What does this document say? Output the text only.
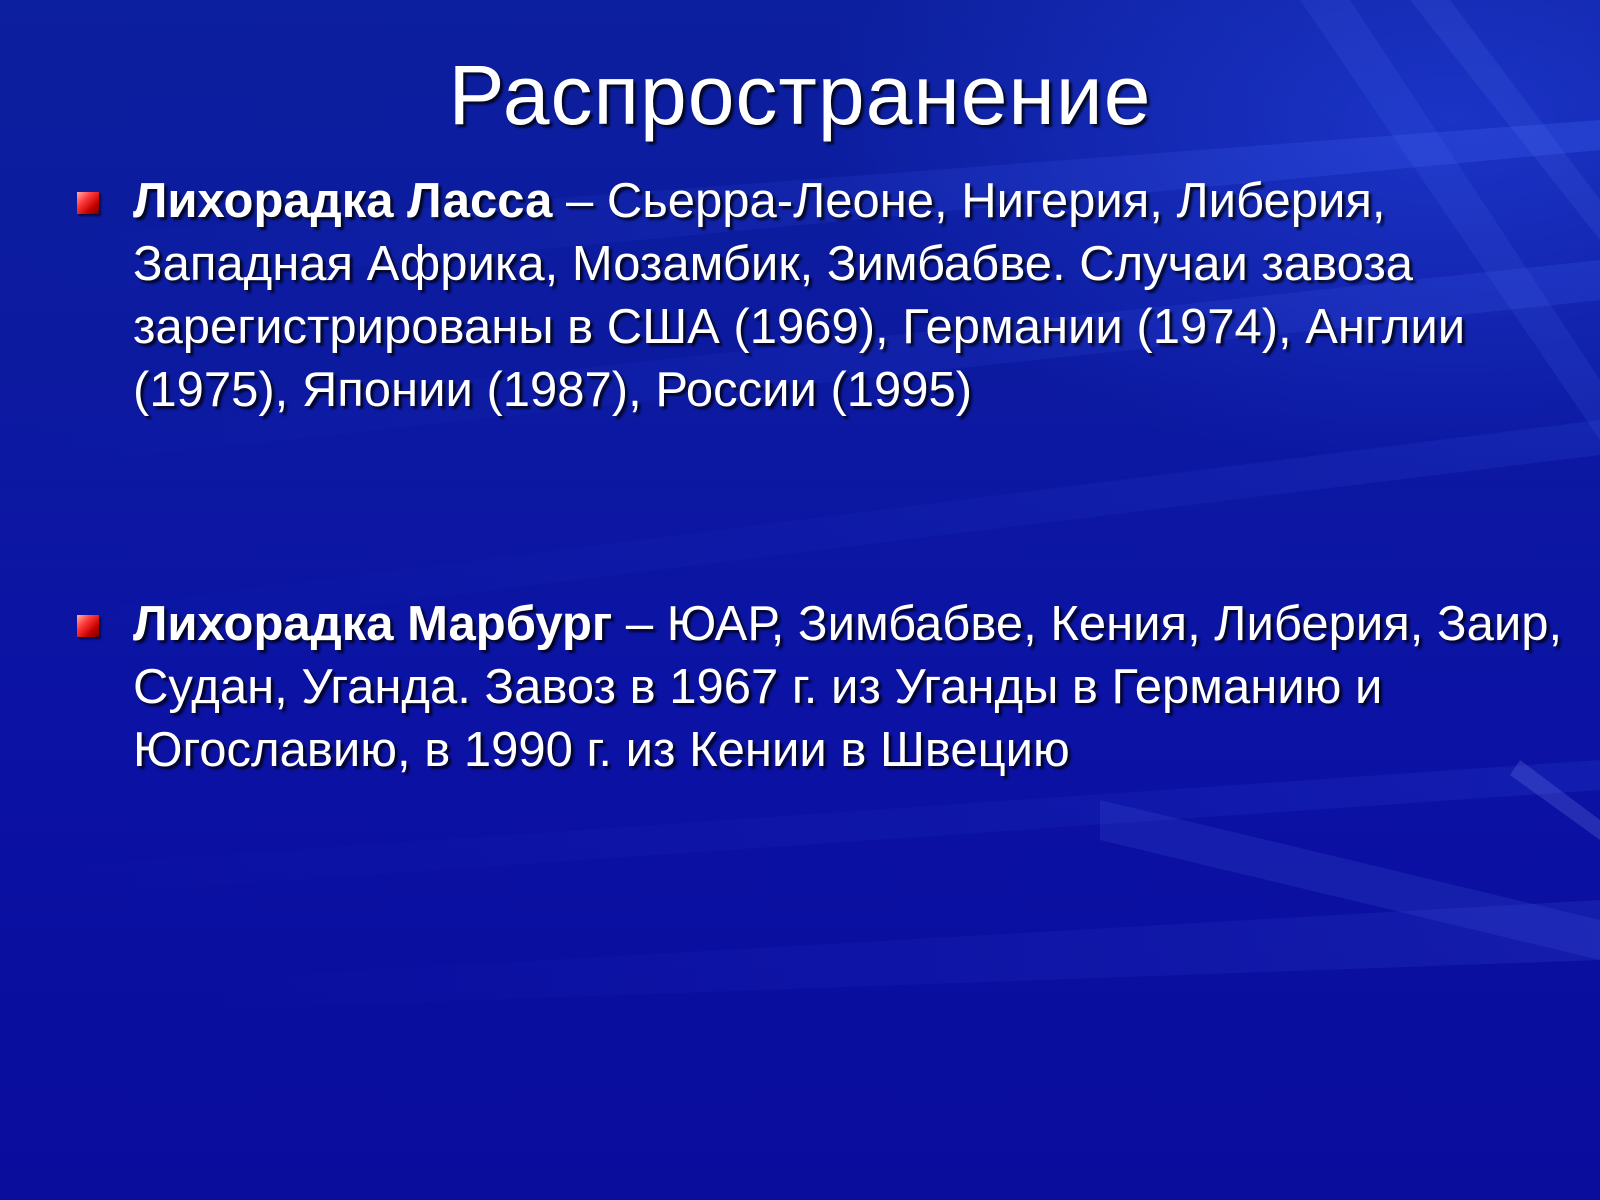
Распространение
Лихорадка Ласса – Сьерра-Леоне, Нигерия, Либерия, Западная Африка, Мозамбик, Зимбабве. Случаи завоза зарегистрированы в США (1969), Германии (1974), Англии (1975), Японии (1987), России (1995)
Лихорадка Марбург – ЮАР, Зимбабве, Кения, Либерия, Заир, Судан, Уганда. Завоз в 1967 г. из Уганды в Германию и Югославию, в 1990 г. из Кении в Швецию
